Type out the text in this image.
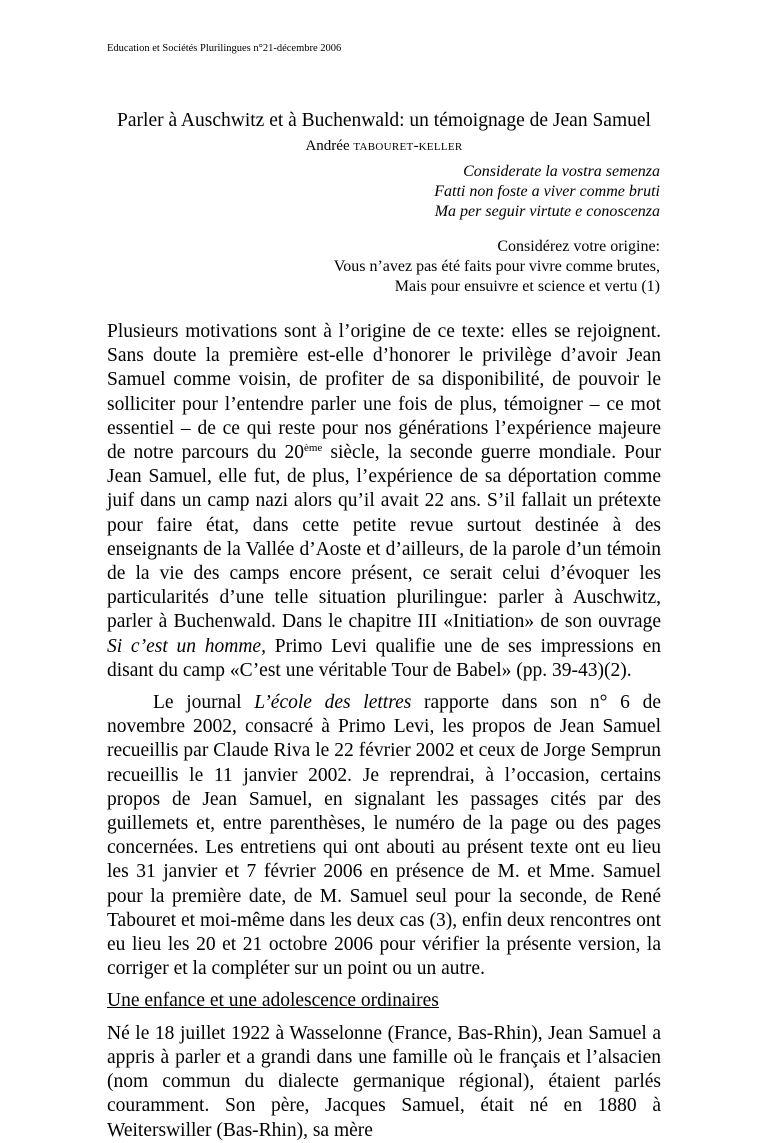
Education et Sociétés Plurilingues n°21-décembre 2006
Parler à Auschwitz et à Buchenwald: un témoignage de Jean Samuel
Andrée TABOURET-KELLER
Considerate la vostra semenza
Fatti non foste a viver comme bruti
Ma per seguir virtute e conoscenza
Considérez votre origine:
Vous n’avez pas été faits pour vivre comme brutes,
Mais pour ensuivre et science et vertu (1)

Plusieurs motivations sont à l’origine de ce texte: elles se rejoignent. Sans doute la première est-elle d’honorer le privilège d’avoir Jean Samuel comme voisin, de profiter de sa disponibilité, de pouvoir le solliciter pour l’entendre parler une fois de plus, témoigner – ce mot essentiel – de ce qui reste pour nos générations l’expérience majeure de notre parcours du 20ème siècle, la seconde guerre mondiale. Pour Jean Samuel, elle fut, de plus, l’expérience de sa déportation comme juif dans un camp nazi alors qu’il avait 22 ans. S’il fallait un prétexte pour faire état, dans cette petite revue surtout destinée à des enseignants de la Vallée d’Aoste et d’ailleurs, de la parole d’un témoin de la vie des camps encore présent, ce serait celui d’évoquer les particularités d’une telle situation plurilingue: parler à Auschwitz, parler à Buchenwald. Dans le chapitre III «Initiation» de son ouvrage Si c’est un homme, Primo Levi qualifie une de ses impressions en disant du camp «C’est une véritable Tour de Babel» (pp. 39-43)(2).

Le journal L’école des lettres rapporte dans son n° 6 de novembre 2002, consacré à Primo Levi, les propos de Jean Samuel recueillis par Claude Riva le 22 février 2002 et ceux de Jorge Semprun recueillis le 11 janvier 2002. Je reprendrai, à l’occasion, certains propos de Jean Samuel, en signalant les passages cités par des guillemets et, entre parenthèses, le numéro de la page ou des pages concernées. Les entretiens qui ont abouti au présent texte ont eu lieu les 31 janvier et 7 février 2006 en présence de M. et Mme. Samuel pour la première date, de M. Samuel seul pour la seconde, de René Tabouret et moi-même dans les deux cas (3), enfin deux rencontres ont eu lieu les 20 et 21 octobre 2006 pour vérifier la présente version, la corriger et la compléter sur un point ou un autre.

Une enfance et une adolescence ordinaires

Né le 18 juillet 1922 à Wasselonne (France, Bas-Rhin), Jean Samuel a appris à parler et a grandi dans une famille où le français et l’alsacien (nom commun du dialecte germanique régional), étaient parlés couramment. Son père, Jacques Samuel, était né en 1880 à Weiterswiller (Bas-Rhin), sa mère
